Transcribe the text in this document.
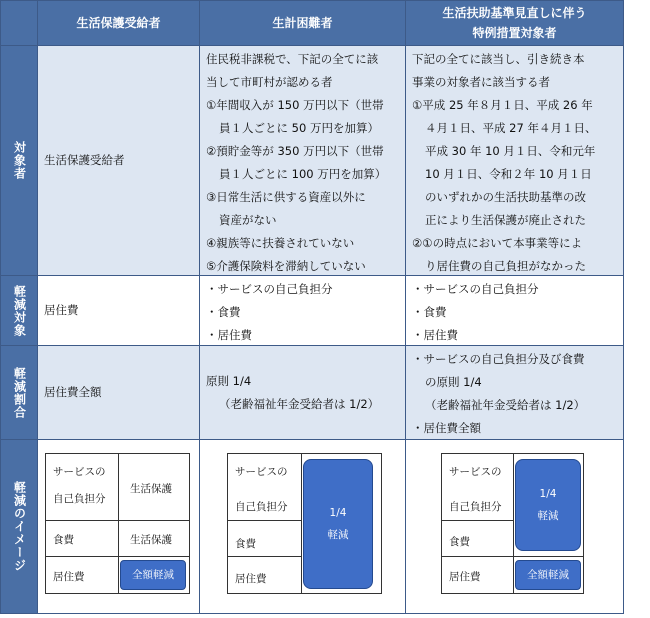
生活保護受給者	生計困難者
生活扶助基準見直しに伴う
特例措置対象者
対象者 生活保護受給者
住民税非課税で、下記の全てに該
当して市町村が認める者
①年間収入が 150 万円以下（世帯
員１人ごとに 50 万円を加算）
②預貯金等が 350 万円以下（世帯
員１人ごとに 100 万円を加算）
③日常生活に供する資産以外に
資産がない
④親族等に扶養されていない
⑤介護保険料を滞納していない
下記の全てに該当し、引き続き本
事業の対象者に該当する者
①平成 25 年８月１日、平成 26 年
４月１日、平成 27 年４月１日、
平成 30 年 10 月１日、令和元年
10 月１日、令和２年 10 月１日
のいずれかの生活扶助基準の改
正により生活保護が廃止された
②①の時点において本事業等によ
り居住費の自己負担がなかった
軽減対象 居住費
・サービスの自己負担分
・食費
・居住費
・サービスの自己負担分
・食費
・居住費
軽減割合 居住費全額
原則 1/4
（老齢福祉年金受給者は 1/2）
・サービスの自己負担分及び食費
の原則 1/4
（老齢福祉年金受給者は 1/2）
・居住費全額
軽減のイメージ
サービスの
自己負担分
食費
居住費
生活保護
生活保護
全額軽減
サービスの
自己負担分
食費
居住費
1/4
軽減
サービスの
自己負担分
食費
居住費
1/4
軽減
全額軽減
